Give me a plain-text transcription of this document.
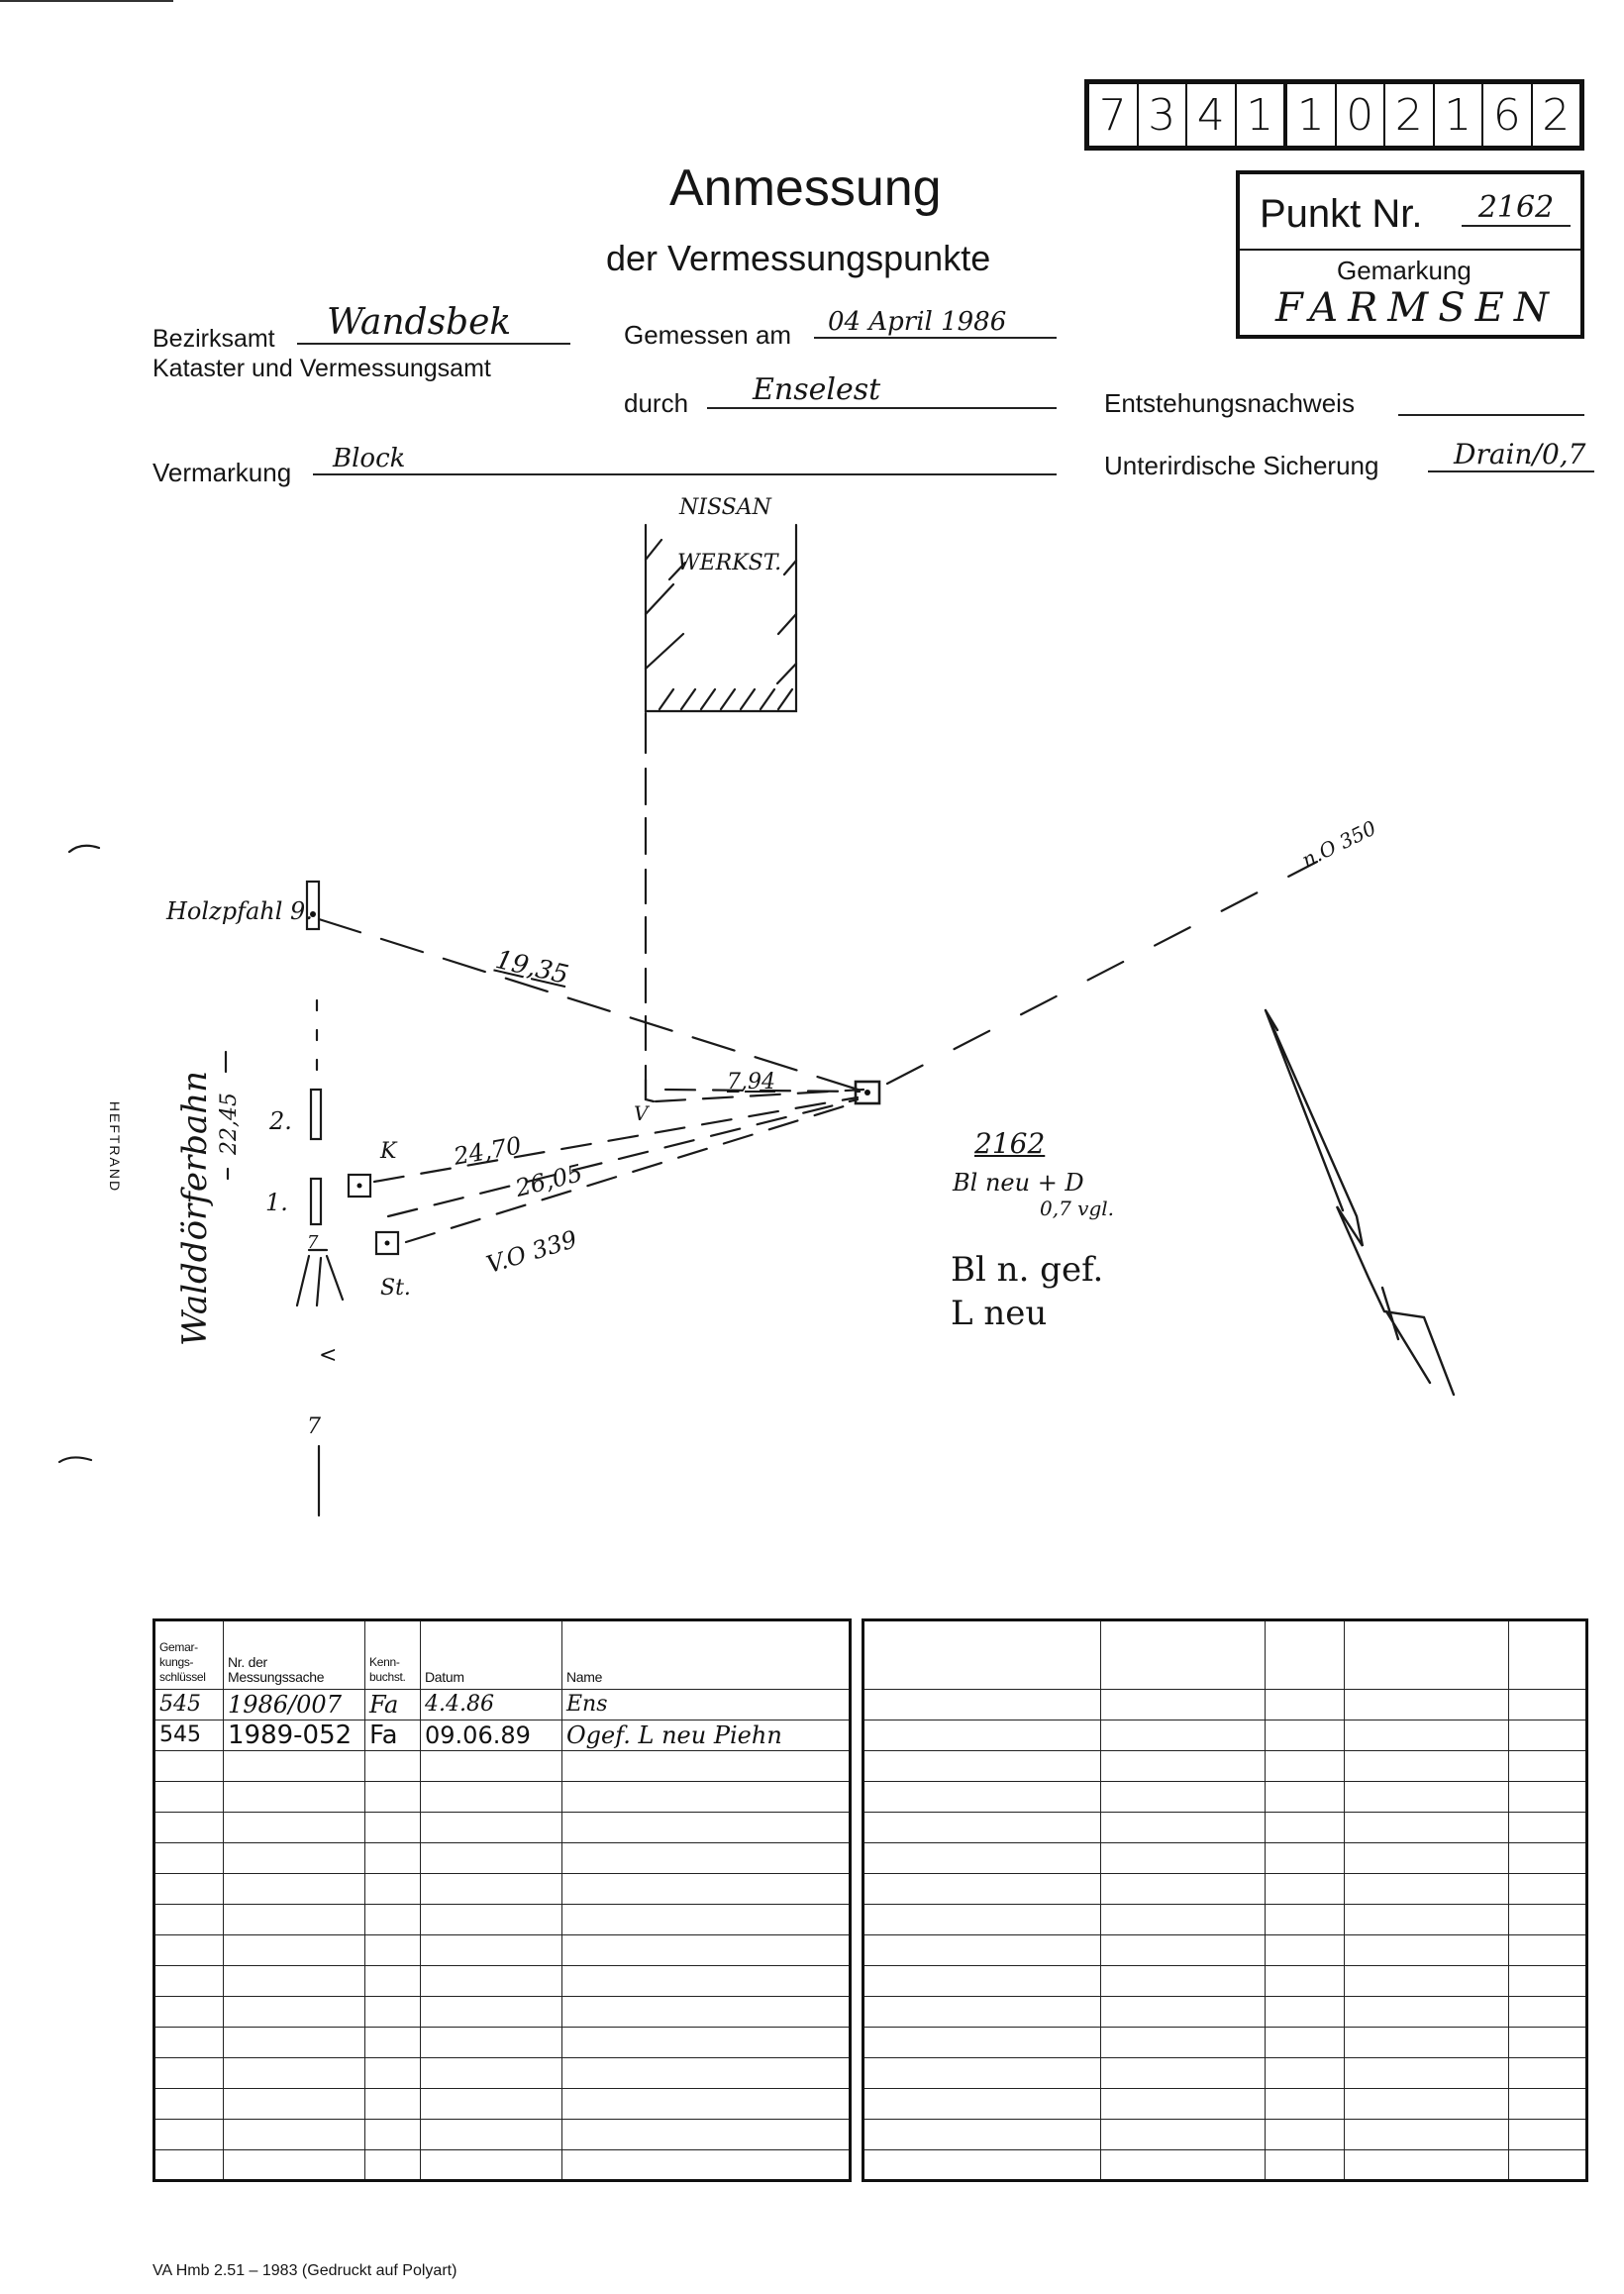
7 3 4 1 1 0 2 1 6 2
Anmessung
der Vermessungspunkte
Punkt Nr.	2162
Gemarkung
FARMSEN
Bezirksamt	Wandsbek
Kataster und Vermessungsamt
Gemessen am	04 April 1986
durch	Enselest
Vermarkung	Block
Entstehungsnachweis
Unterirdische Sicherung	Drain/0,7
NISSAN
WERKST.
Holzpfahl 9.
19,35
7,94
24,70
26,05
V.O 339
n.O 350
Walddörferbahn 22,45
HEFTRAND	2.
1.
K
St.
V
7
7
<
2162
Bl neu + D
0,7 vgl.
Bl n. gef.
L neu
Gemar-kungs-schlüssel	Nr. der Messungssache	Kenn-buchst.	Datum	Name
545	1986/007	Fa	4.4.86	Ens
545	1989-052	Fa	09.06.89	Ogef. L neu Piehn

VA Hmb 2.51 – 1983 (Gedruckt auf Polyart)
